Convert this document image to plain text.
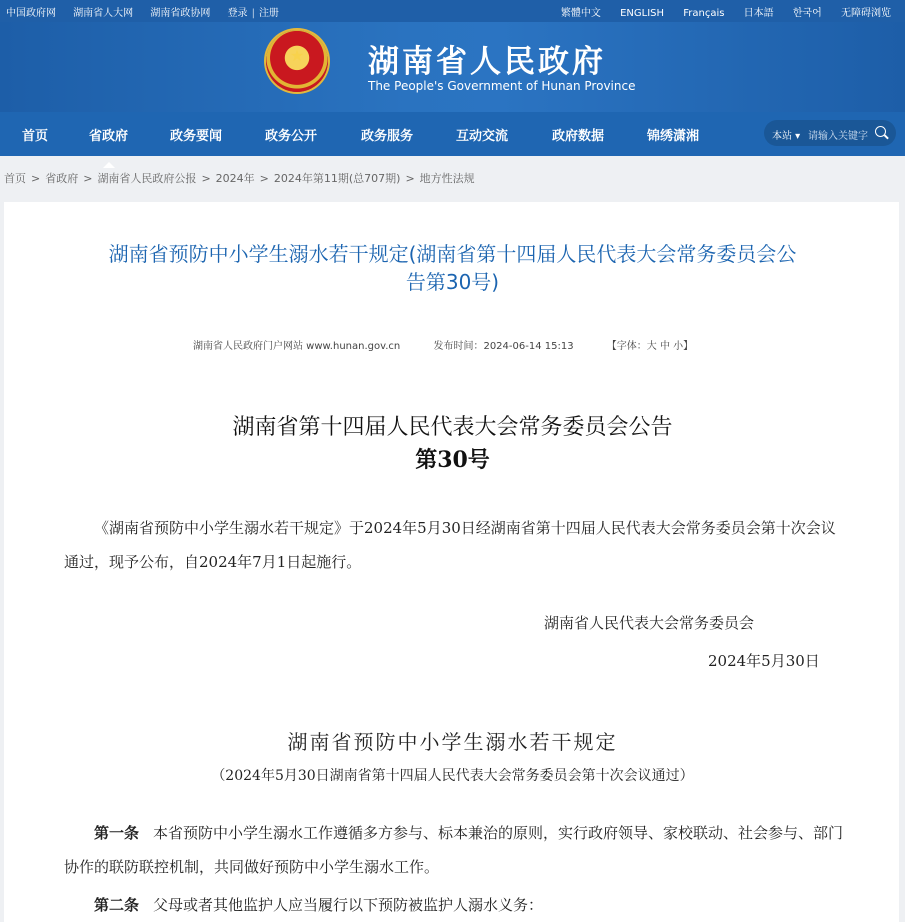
中国政府网 湖南省人大网 湖南省政协网 登录 | 注册	繁體中文 ENGLISH Français 日本語 한국어 无障碍浏览
★	湖南省人民政府
The People's Government of Hunan Province
首页	省政府	政务要闻	政务公开	政务服务	互动交流	政府数据	锦绣潇湘	本站 ▾ 请输入关键字
首页 > 省政府 > 湖南省人民政府公报 > 2024年 > 2024年第11期(总707期) > 地方性法规
湖南省预防中小学生溺水若干规定(湖南省第十四届人民代表大会常务委员会公
告第30号)
湖南省人民政府门户网站 www.hunan.gov.cn	发布时间：2024-06-14 15:13	【字体：大 中 小】
湖南省第十四届人民代表大会常务委员会公告
第30号
《湖南省预防中小学生溺水若干规定》于2024年5月30日经湖南省第十四届人民代表大会常务委员会第十次会议通过，现予公布，自2024年7月1日起施行。
湖南省人民代表大会常务委员会
2024年5月30日
湖南省预防中小学生溺水若干规定
（2024年5月30日湖南省第十四届人民代表大会常务委员会第十次会议通过）
第一条 本省预防中小学生溺水工作遵循多方参与、标本兼治的原则，实行政府领导、家校联动、社会参与、部门协作的联防联控机制，共同做好预防中小学生溺水工作。
第二条 父母或者其他监护人应当履行以下预防被监护人溺水义务：
